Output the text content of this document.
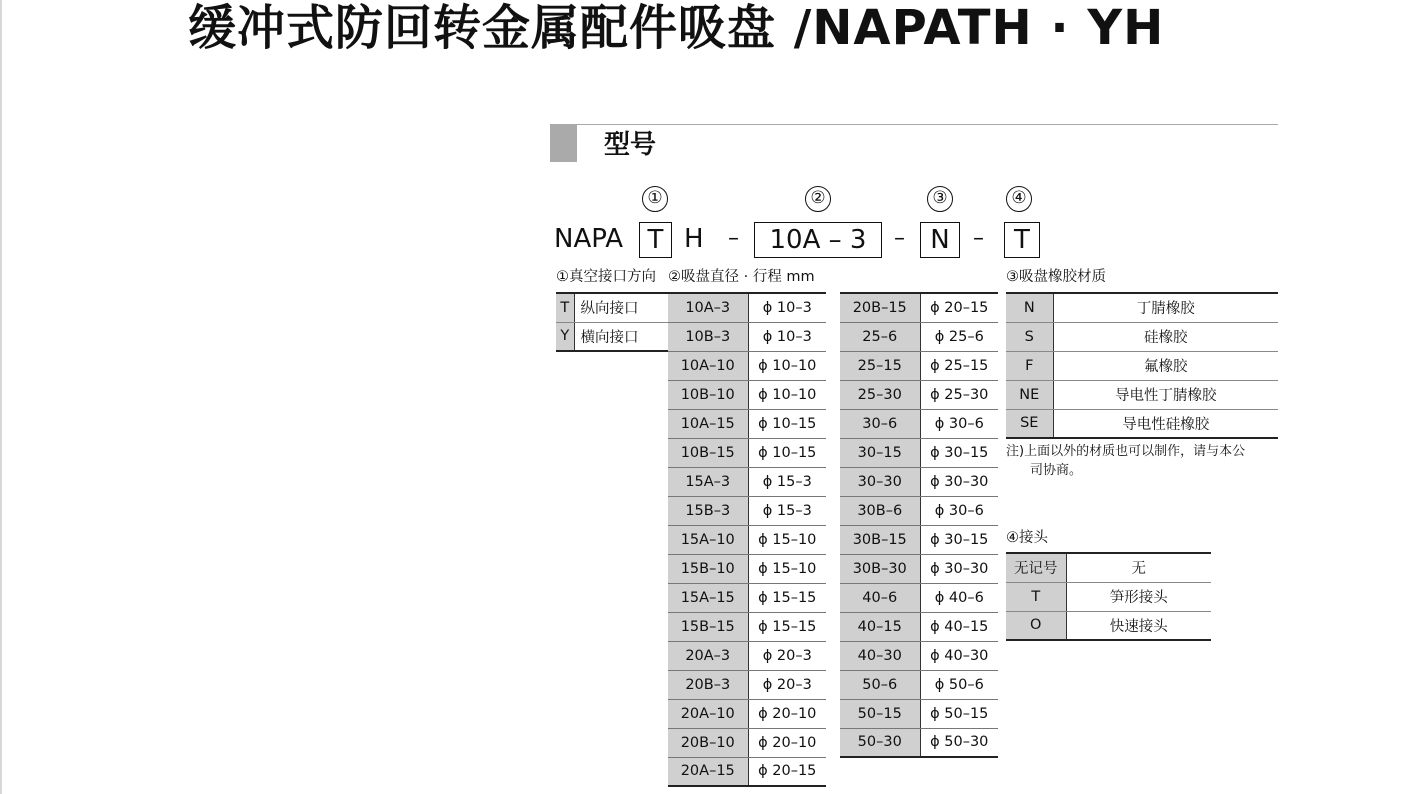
缓冲式防回转金属配件吸盘 /NAPATH · YH
型号
①	②	③	④
NAPA T H –	10A – 3	– N	–	T
①真空接口方向 ②吸盘直径 · 行程 mm	③吸盘橡胶材质
④接头
T	纵向接口
Y	横向接口
10A–3	ϕ 10–3
10B–3	ϕ 10–3
10A–10	ϕ 10–10
10B–10	ϕ 10–10
10A–15	ϕ 10–15
10B–15	ϕ 10–15
15A–3	ϕ 15–3
15B–3	ϕ 15–3
15A–10	ϕ 15–10
15B–10	ϕ 15–10
15A–15	ϕ 15–15
15B–15	ϕ 15–15
20A–3	ϕ 20–3
20B–3	ϕ 20–3
20A–10	ϕ 20–10
20B–10	ϕ 20–10
20A–15	ϕ 20–15
20B–15	ϕ 20–15
25–6	ϕ 25–6
25–15	ϕ 25–15
25–30	ϕ 25–30
30–6	ϕ 30–6
30–15	ϕ 30–15
30–30	ϕ 30–30
30B–6	ϕ 30–6
30B–15	ϕ 30–15
30B–30	ϕ 30–30
40–6	ϕ 40–6
40–15	ϕ 40–15
40–30	ϕ 40–30
50–6	ϕ 50–6
50–15	ϕ 50–15
50–30	ϕ 50–30
N	丁腈橡胶
S	硅橡胶
F	氟橡胶
NE	导电性丁腈橡胶
SE	导电性硅橡胶
注)上面以外的材质也可以制作，请与本公
司协商。
无记号	无
T	笋形接头
O	快速接头
